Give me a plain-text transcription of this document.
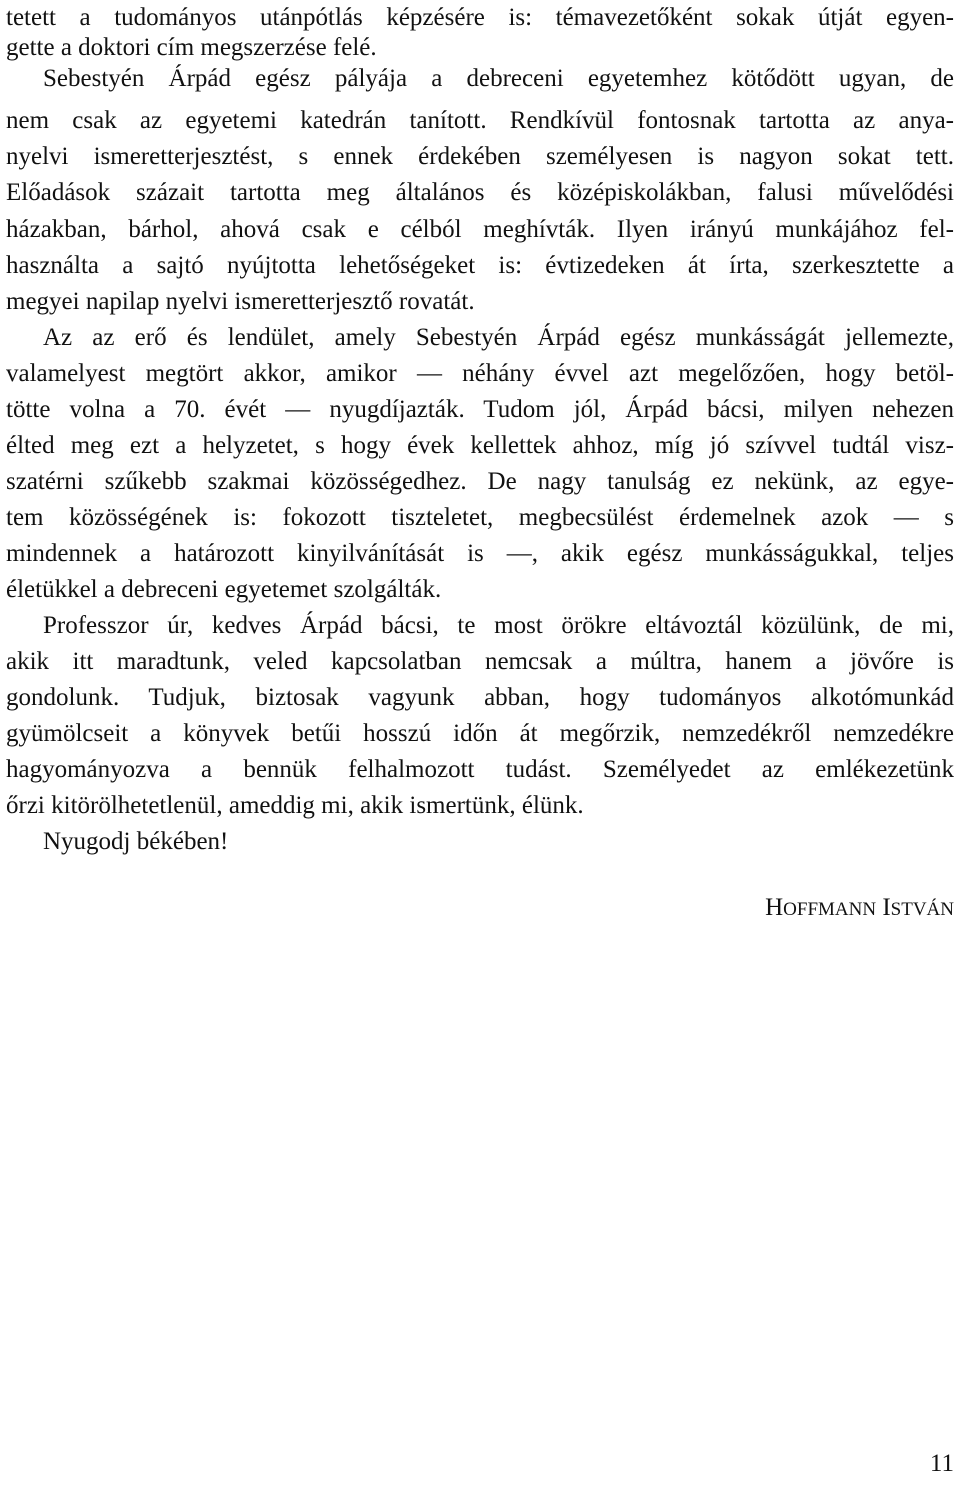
tetett a tudományos utánpótlás képzésére is: témavezetőként sokak útját egyen-
gette a doktori cím megszerzése felé.
Sebestyén Árpád egész pályája a debreceni egyetemhez kötődött ugyan, de
nem csak az egyetemi katedrán tanított. Rendkívül fontosnak tartotta az anya-
nyelvi ismeretterjesztést, s ennek érdekében személyesen is nagyon sokat tett.
Előadások százait tartotta meg általános és középiskolákban, falusi művelődési
házakban, bárhol, ahová csak e célból meghívták. Ilyen irányú munkájához fel-
használta a sajtó nyújtotta lehetőségeket is: évtizedeken át írta, szerkesztette a
megyei napilap nyelvi ismeretterjesztő rovatát.
Az az erő és lendület, amely Sebestyén Árpád egész munkásságát jellemezte,
valamelyest megtört akkor, amikor — néhány évvel azt megelőzően, hogy betöl-
tötte volna a 70. évét — nyugdíjazták. Tudom jól, Árpád bácsi, milyen nehezen
élted meg ezt a helyzetet, s hogy évek kellettek ahhoz, míg jó szívvel tudtál visz-
szatérni szűkebb szakmai közösségedhez. De nagy tanulság ez nekünk, az egye-
tem közösségének is: fokozott tiszteletet, megbecsülést érdemelnek azok — s
mindennek a határozott kinyilvánítását is —, akik egész munkásságukkal, teljes
életükkel a debreceni egyetemet szolgálták.
Professzor úr, kedves Árpád bácsi, te most örökre eltávoztál közülünk, de mi,
akik itt maradtunk, veled kapcsolatban nemcsak a múltra, hanem a jövőre is
gondolunk. Tudjuk, biztosak vagyunk abban, hogy tudományos alkotómunkád
gyümölcseit a könyvek betűi hosszú időn át megőrzik, nemzedékről nemzedékre
hagyományozva a bennük felhalmozott tudást. Személyedet az emlékezetünk
őrzi kitörölhetetlenül, ameddig mi, akik ismertünk, élünk.
Nyugodj békében!
HOFFMANN ISTVÁN
11
